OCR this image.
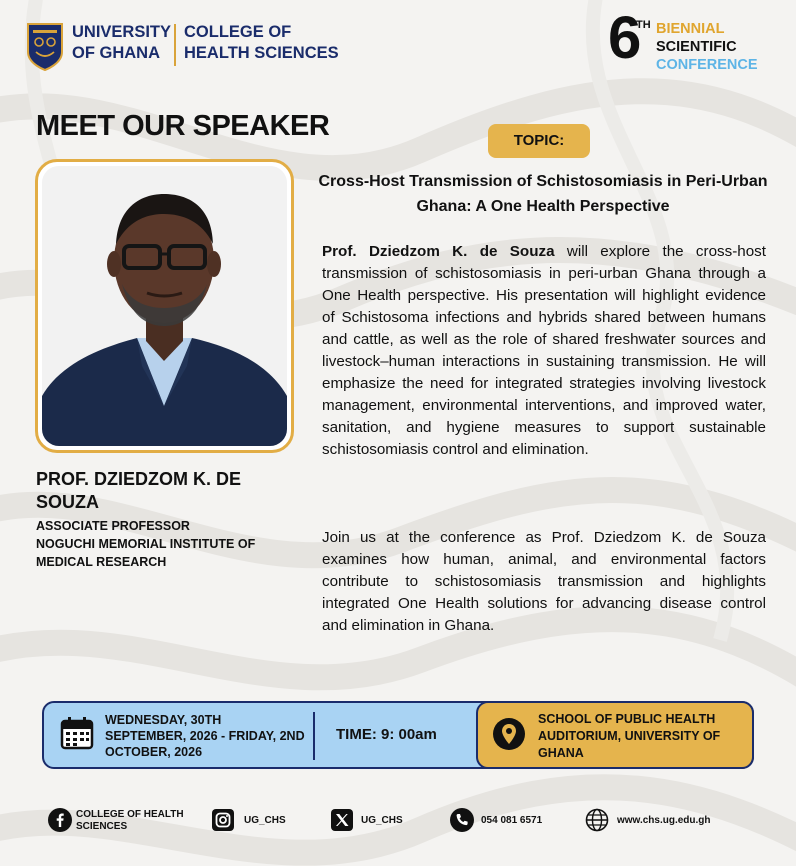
UNIVERSITY
OF GHANA
COLLEGE OF
HEALTH SCIENCES	6
TH BIENNIAL
SCIENTIFIC
CONFERENCE
MEET OUR SPEAKER
PROF. DZIEDZOM K. DE SOUZA
ASSOCIATE PROFESSOR
NOGUCHI MEMORIAL INSTITUTE OF MEDICAL RESEARCH
TOPIC:
Cross-Host Transmission of Schistosomiasis in Peri-Urban Ghana: A One Health Perspective
Prof. Dziedzom K. de Souza will explore the cross-host transmission of schistosomiasis in peri-urban Ghana through a One Health perspective. His presentation will highlight evidence of Schistosoma infections and hybrids shared between humans and cattle, as well as the role of shared freshwater sources and livestock–human interactions in sustaining transmission. He will emphasize the need for integrated strategies involving livestock management, environmental interventions, and improved water, sanitation, and hygiene measures to support sustainable schistosomiasis control and elimination.
Join us at the conference as Prof. Dziedzom K. de Souza examines how human, animal, and environmental factors contribute to schistosomiasis transmission and highlights integrated One Health solutions for advancing disease control and elimination in Ghana.
WEDNESDAY, 30TH SEPTEMBER, 2026 - FRIDAY, 2ND OCTOBER, 2026
TIME: 9: 00am
SCHOOL OF PUBLIC HEALTH AUDITORIUM, UNIVERSITY OF GHANA
COLLEGE OF HEALTH SCIENCES
UG_CHS	UG_CHS	054 081 6571	www.chs.ug.edu.gh
